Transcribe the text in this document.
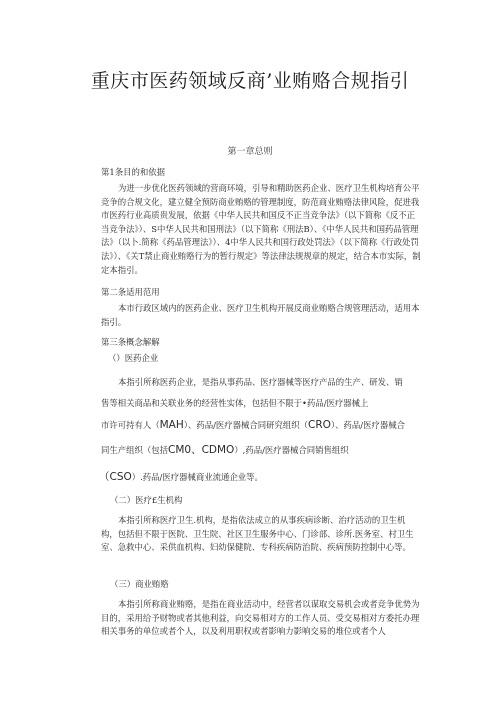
重庆市医药领域反商’业贿赂合规指引
第一章总则
第1条目的和依据
为进一步优化医药领域的营商环境，引导和精助医药企业、医疗卫生机构培育公平竞争的合规文化，建立健全预防商业贿赂的管理制度，防范商业贿赂法律风险，促进我市医药行业高质贵发展，依据《中华人民共和国反不正当竞争法》（以下简称《反不正当竞争法》）、S中华人民共和国刑法》（以下简称《刑法B）、《中华人民共和国药品管理法》（以卜.简称《药品管理法》）、4中华人民共和国行政处罚法》（以下简称《行政处罚法》）、《关T禁止商业贿赂行为的暂行规定》等法律法规规章的规定，结合本市实际，制定本指引。
第二条适用范用
本市行政区域内的医药企业、医疗卫生机构开展反商业贿赂合规管理活动，适用本指引。
第三条概念解解
（）医药企业
本指引所称医药企业，是指从事药品、医疗器械等医疗产品的生产、研发、销
售等相关商品和关联业务的经营性实体，包括但不限于•药品/医疗器械上
市许可持有人（MAH）、药品/医疗器械合同研究组织（CRO）、药品/医疗器械合
同生产组织（包括CM0、CDMO）,药品/医疗器械合同销售组织
（CSO）.药品/医疗器械商业流通企业等。
（二）医疗£生机构
本指引所称医疗卫生.机构，是指依法成立的从事疾病诊断、治疗活动的卫生机构，包括但不限于医院、卫生院、社区卫生服务中心、门诊部、诊所.医务室、村卫生室、急救中心、采供血机构、妇幼保健院、专科疾病防治院、疾病预防控制中心等。
（三）商业贿赂
本指引所称商业贿赂，是指在商业活动中，经营者以谋取交易机会或者竞争优势为目的，采用给予财物或者其他利益，向交易相对方的工作人员、受交易相对方委托办理相关事务的单位或者个人，以及利用职权或者影响力影响交易的堆位或者个人
